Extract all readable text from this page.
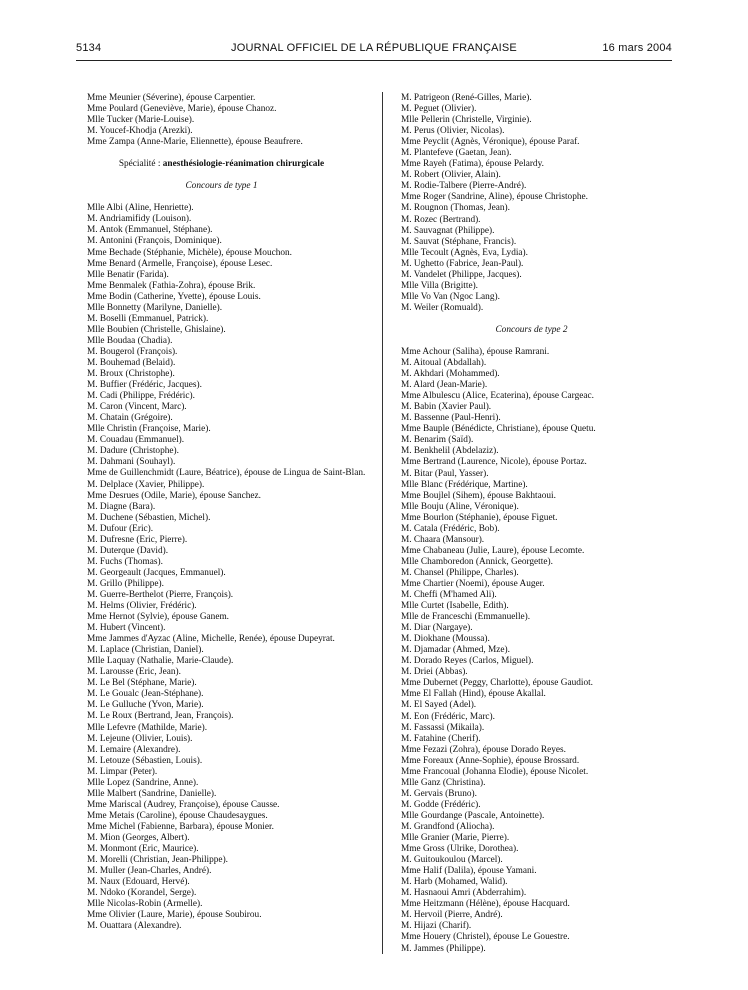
5134	JOURNAL OFFICIEL DE LA RÉPUBLIQUE FRANÇAISE	16 mars 2004
Mme Meunier (Séverine), épouse Carpentier.
Mme Poulard (Geneviève, Marie), épouse Chanoz.
Mlle Tucker (Marie-Louise).
M. Youcef-Khodja (Arezki).
Mme Zampa (Anne-Marie, Eliennette), épouse Beaufrere.
Spécialité : anesthésiologie-réanimation chirurgicale
Concours de type 1
Mlle Albi (Aline, Henriette).
M. Andriamifidy (Louison).
M. Antok (Emmanuel, Stéphane).
M. Antonini (François, Dominique).
Mme Bechade (Stéphanie, Michèle), épouse Mouchon.
Mme Benard (Armelle, Françoise), épouse Lesec.
Mlle Benatir (Farida).
Mme Benmalek (Fathia-Zohra), épouse Brik.
Mme Bodin (Catherine, Yvette), épouse Louis.
Mlle Bonnetty (Marilyne, Danielle).
M. Boselli (Emmanuel, Patrick).
Mlle Boubien (Christelle, Ghislaine).
Mlle Boudaa (Chadia).
M. Bougerol (François).
M. Bouhemad (Belaid).
M. Broux (Christophe).
M. Buffier (Frédéric, Jacques).
M. Cadi (Philippe, Frédéric).
M. Caron (Vincent, Marc).
M. Chatain (Grégoire).
Mlle Christin (Françoise, Marie).
M. Couadau (Emmanuel).
M. Dadure (Christophe).
M. Dahmani (Souhayl).
Mme de Guillenchmidt (Laure, Béatrice), épouse de Lingua de Saint-Blan.
M. Delplace (Xavier, Philippe).
Mme Desrues (Odile, Marie), épouse Sanchez.
M. Diagne (Bara).
M. Duchene (Sébastien, Michel).
M. Dufour (Eric).
M. Dufresne (Eric, Pierre).
M. Duterque (David).
M. Fuchs (Thomas).
M. Georgeault (Jacques, Emmanuel).
M. Grillo (Philippe).
M. Guerre-Berthelot (Pierre, François).
M. Helms (Olivier, Frédéric).
Mme Hernot (Sylvie), épouse Ganem.
M. Hubert (Vincent).
Mme Jammes d'Ayzac (Aline, Michelle, Renée), épouse Dupeyrat.
M. Laplace (Christian, Daniel).
Mlle Laquay (Nathalie, Marie-Claude).
M. Larousse (Eric, Jean).
M. Le Bel (Stéphane, Marie).
M. Le Goualc (Jean-Stéphane).
M. Le Gulluche (Yvon, Marie).
M. Le Roux (Bertrand, Jean, François).
Mlle Lefevre (Mathilde, Marie).
M. Lejeune (Olivier, Louis).
M. Lemaire (Alexandre).
M. Letouze (Sébastien, Louis).
M. Limpar (Peter).
Mlle Lopez (Sandrine, Anne).
Mlle Malbert (Sandrine, Danielle).
Mme Mariscal (Audrey, Françoise), épouse Causse.
Mme Metais (Caroline), épouse Chaudesaygues.
Mme Michel (Fabienne, Barbara), épouse Monier.
M. Mion (Georges, Albert).
M. Monmont (Eric, Maurice).
M. Morelli (Christian, Jean-Philippe).
M. Muller (Jean-Charles, André).
M. Naux (Edouard, Hervé).
M. Ndoko (Korandel, Serge).
Mlle Nicolas-Robin (Armelle).
Mme Olivier (Laure, Marie), épouse Soubirou.
M. Ouattara (Alexandre).
M. Patrigeon (René-Gilles, Marie).
M. Peguet (Olivier).
Mlle Pellerin (Christelle, Virginie).
M. Perus (Olivier, Nicolas).
Mme Peyclit (Agnès, Véronique), épouse Paraf.
M. Plantefeve (Gaetan, Jean).
Mme Rayeh (Fatima), épouse Pelardy.
M. Robert (Olivier, Alain).
M. Rodie-Talbere (Pierre-André).
Mme Roger (Sandrine, Aline), épouse Christophe.
M. Rougnon (Thomas, Jean).
M. Rozec (Bertrand).
M. Sauvagnat (Philippe).
M. Sauvat (Stéphane, Francis).
Mlle Tecoult (Agnès, Eva, Lydia).
M. Ughetto (Fabrice, Jean-Paul).
M. Vandelet (Philippe, Jacques).
Mlle Villa (Brigitte).
Mlle Vo Van (Ngoc Lang).
M. Weiler (Romuald).
Concours de type 2
Mme Achour (Saliha), épouse Ramrani.
M. Aitoual (Abdallah).
M. Akhdari (Mohammed).
M. Alard (Jean-Marie).
Mme Albulescu (Alice, Ecaterina), épouse Cargeac.
M. Babin (Xavier Paul).
M. Bassenne (Paul-Henri).
Mme Bauple (Bénédicte, Christiane), épouse Quetu.
M. Benarim (Saïd).
M. Benkhelil (Abdelaziz).
Mme Bertrand (Laurence, Nicole), épouse Portaz.
M. Bitar (Paul, Yasser).
Mlle Blanc (Frédérique, Martine).
Mme Boujlel (Sihem), épouse Bakhtaoui.
Mlle Bouju (Aline, Véronique).
Mme Bourlon (Stéphanie), épouse Figuet.
M. Catala (Frédéric, Bob).
M. Chaara (Mansour).
Mme Chabaneau (Julie, Laure), épouse Lecomte.
Mlle Chamboredon (Annick, Georgette).
M. Chansel (Philippe, Charles).
Mme Chartier (Noemi), épouse Auger.
M. Cheffi (M'hamed Ali).
Mlle Curtet (Isabelle, Edith).
Mlle de Franceschi (Emmanuelle).
M. Diar (Nargaye).
M. Diokhane (Moussa).
M. Djamadar (Ahmed, Mze).
M. Dorado Reyes (Carlos, Miguel).
M. Driei (Abbas).
Mme Dubernet (Peggy, Charlotte), épouse Gaudiot.
Mme El Fallah (Hind), épouse Akallal.
M. El Sayed (Adel).
M. Eon (Frédéric, Marc).
M. Fassassi (Mikaila).
M. Fatahine (Cherif).
Mme Fezazi (Zohra), épouse Dorado Reyes.
Mme Foreaux (Anne-Sophie), épouse Brossard.
Mme Francoual (Johanna Elodie), épouse Nicolet.
Mlle Ganz (Christina).
M. Gervais (Bruno).
M. Godde (Frédéric).
Mlle Gourdange (Pascale, Antoinette).
M. Grandfond (Aliocha).
Mlle Granier (Marie, Pierre).
Mme Gross (Ulrike, Dorothea).
M. Guitoukoulou (Marcel).
Mme Halif (Dalila), épouse Yamani.
M. Harb (Mohamed, Walid).
M. Hasnaoui Amri (Abderrahim).
Mme Heitzmann (Hélène), épouse Hacquard.
M. Hervoil (Pierre, André).
M. Hijazi (Charif).
Mme Houery (Christel), épouse Le Gouestre.
M. Jammes (Philippe).
